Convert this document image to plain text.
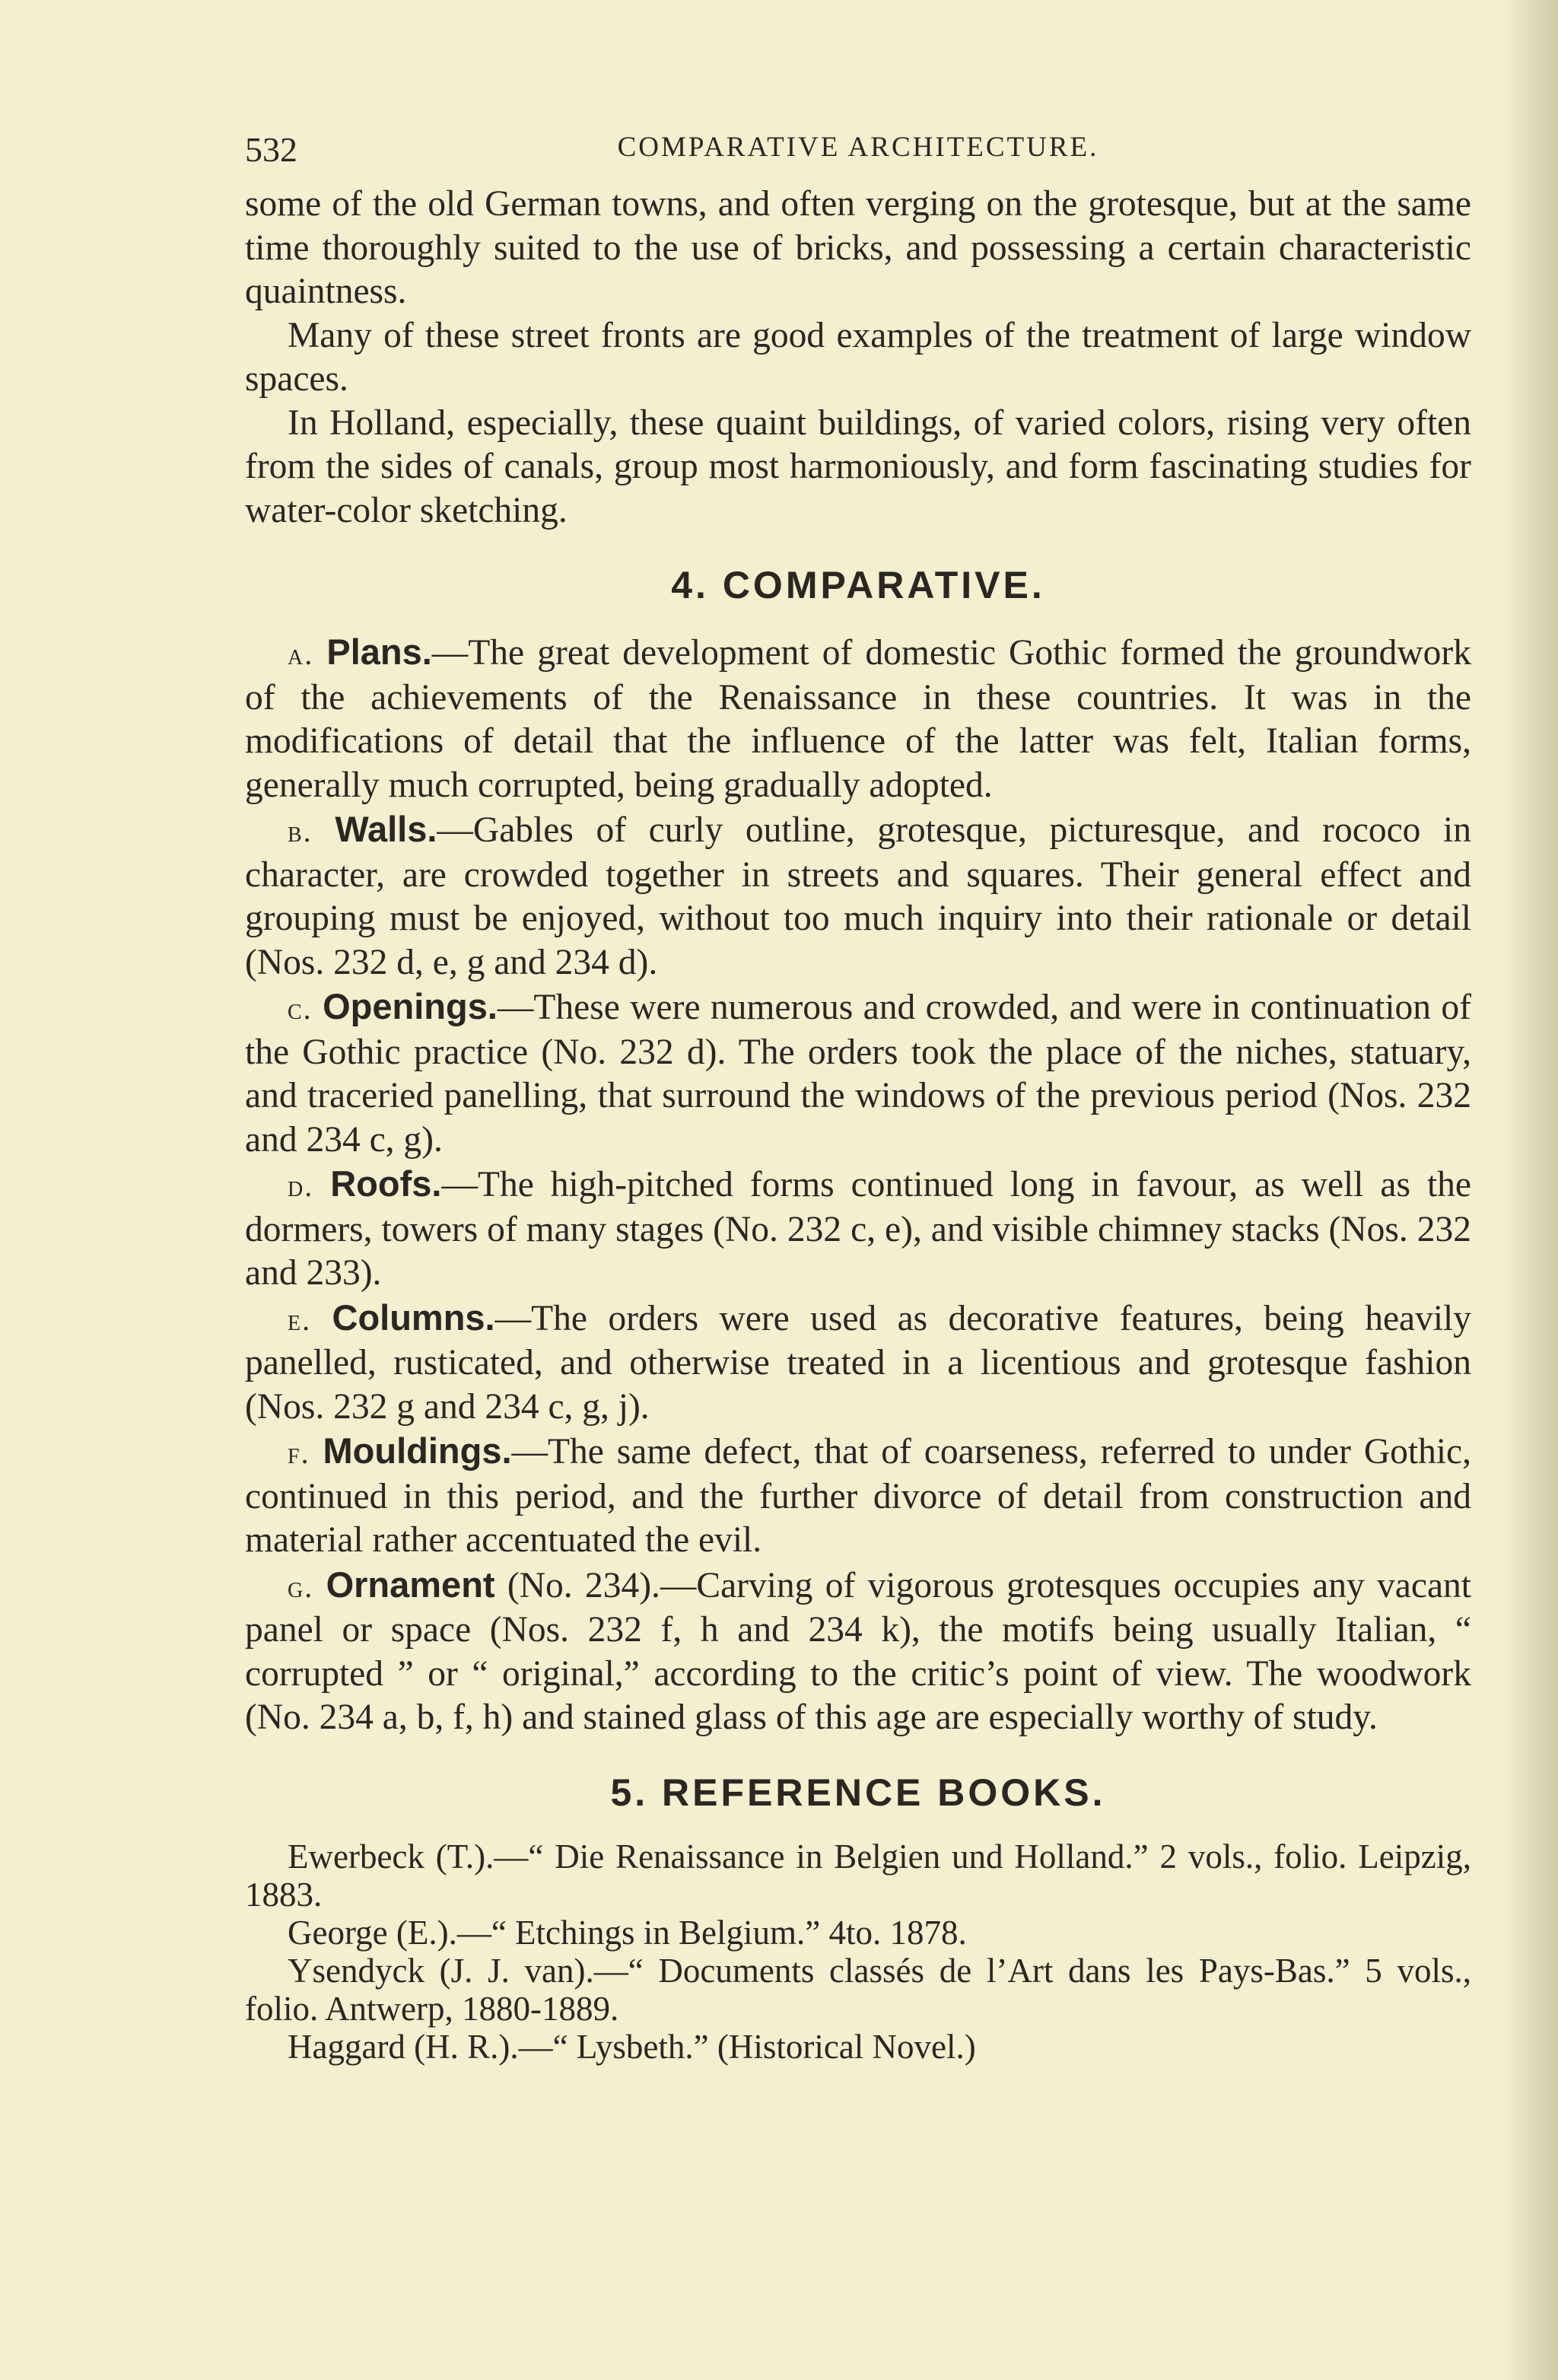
532	COMPARATIVE ARCHITECTURE.

some of the old German towns, and often verging on the grotesque, but at the same time thoroughly suited to the use of bricks, and possessing a certain characteristic quaintness.

Many of these street fronts are good examples of the treatment of large window spaces.

In Holland, especially, these quaint buildings, of varied colors, rising very often from the sides of canals, group most harmoniously, and form fascinating studies for water-color sketching.

4. COMPARATIVE.

a. Plans.—The great development of domestic Gothic formed the groundwork of the achievements of the Renaissance in these countries. It was in the modifications of detail that the influence of the latter was felt, Italian forms, generally much corrupted, being gradually adopted.

b. Walls.—Gables of curly outline, grotesque, picturesque, and rococo in character, are crowded together in streets and squares. Their general effect and grouping must be enjoyed, without too much inquiry into their rationale or detail (Nos. 232 d, e, g and 234 d).

c. Openings.—These were numerous and crowded, and were in continuation of the Gothic practice (No. 232 d). The orders took the place of the niches, statuary, and traceried panelling, that surround the windows of the previous period (Nos. 232 and 234 c, g).

d. Roofs.—The high-pitched forms continued long in favour, as well as the dormers, towers of many stages (No. 232 c, e), and visible chimney stacks (Nos. 232 and 233).

e. Columns.—The orders were used as decorative features, being heavily panelled, rusticated, and otherwise treated in a licentious and grotesque fashion (Nos. 232 g and 234 c, g, j).

f. Mouldings.—The same defect, that of coarseness, referred to under Gothic, continued in this period, and the further divorce of detail from construction and material rather accentuated the evil.

g. Ornament (No. 234).—Carving of vigorous grotesques occupies any vacant panel or space (Nos. 232 f, h and 234 k), the motifs being usually Italian, “ corrupted ” or “ original,” according to the critic’s point of view. The woodwork (No. 234 a, b, f, h) and stained glass of this age are especially worthy of study.

5. REFERENCE BOOKS.

Ewerbeck (T.).—“ Die Renaissance in Belgien und Holland.” 2 vols., folio. Leipzig, 1883.

George (E.).—“ Etchings in Belgium.” 4to. 1878.

Ysendyck (J. J. van).—“ Documents classés de l’Art dans les Pays-Bas.” 5 vols., folio. Antwerp, 1880-1889.

Haggard (H. R.).—“ Lysbeth.” (Historical Novel.)
